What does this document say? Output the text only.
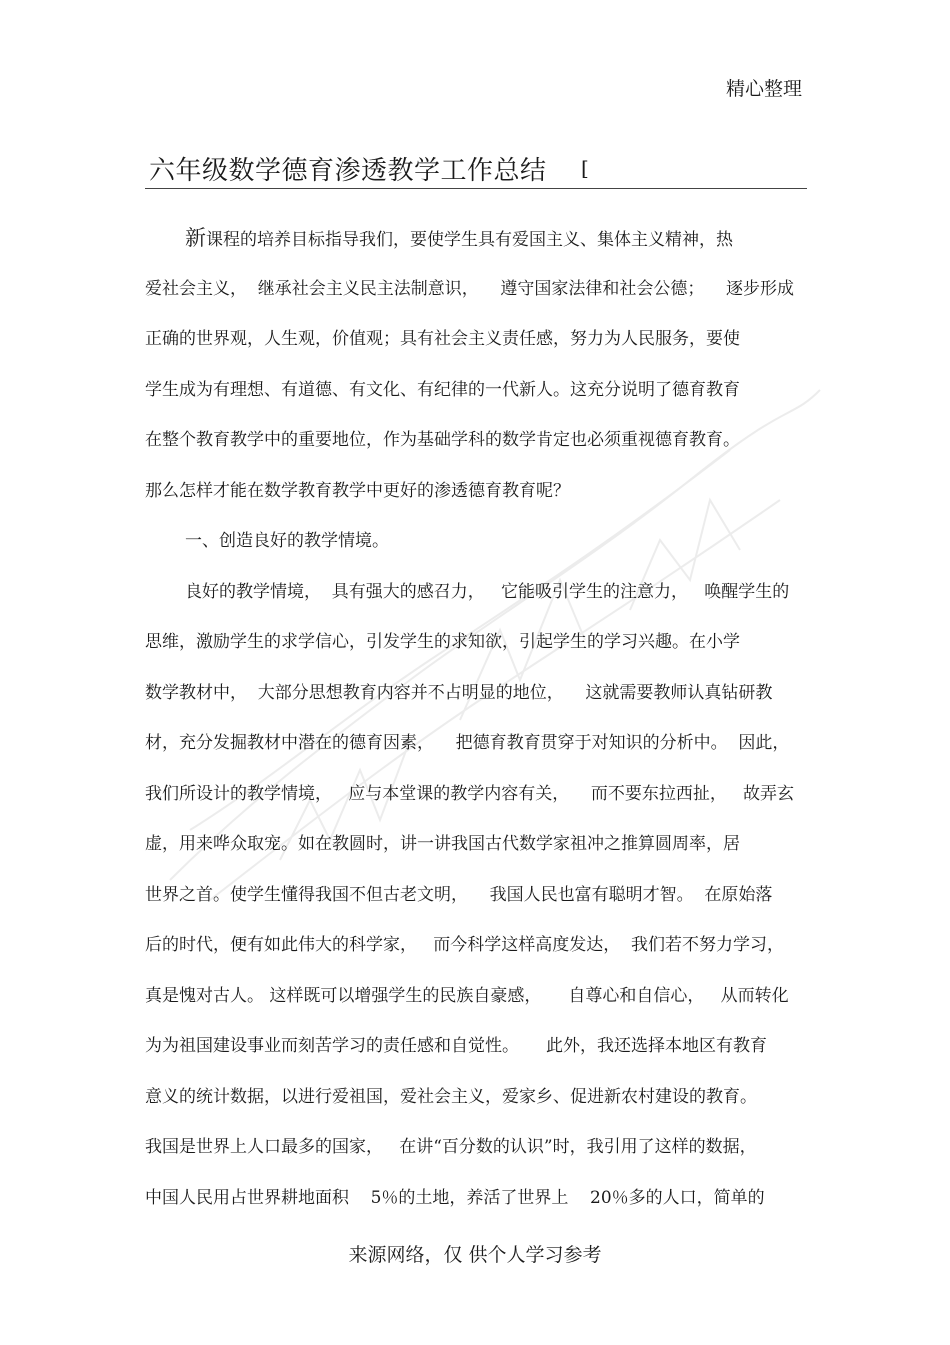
精心整理
六年级数学德育渗透教学工作总结 [
新课程的培养目标指导我们，要使学生具有爱国主义、集体主义精神，热
爱社会主义，  继承社会主义民主法制意识，    遵守国家法律和社会公德；    逐步形成
正确的世界观，人生观，价值观；具有社会主义责任感，努力为人民服务，要使
学生成为有理想、有道德、有文化、有纪律的一代新人。这充分说明了德育教育
在整个教育教学中的重要地位，作为基础学科的数学肯定也必须重视德育教育。
那么怎样才能在数学教育教学中更好的渗透德育教育呢？
一、创造良好的教学情境。
良好的教学情境，  具有强大的感召力，   它能吸引学生的注意力，   唤醒学生的
思维，激励学生的求学信心，引发学生的求知欲，引起学生的学习兴趣。在小学
数学教材中，  大部分思想教育内容并不占明显的地位，    这就需要教师认真钻研教
材，充分发掘教材中潜在的德育因素，    把德育教育贯穿于对知识的分析中。  因此，
我们所设计的教学情境，   应与本堂课的教学内容有关，    而不要东拉西扯，   故弄玄
虚，用来哗众取宠。如在教圆时，讲一讲我国古代数学家祖冲之推算圆周率，居
世界之首。使学生懂得我国不但古老文明，    我国人民也富有聪明才智。  在原始落
后的时代，便有如此伟大的科学家，   而今科学这样高度发达，  我们若不努力学习，
真是愧对古人。 这样既可以增强学生的民族自豪感，     自尊心和自信心，   从而转化
为为祖国建设事业而刻苦学习的责任感和自觉性。     此外，我还选择本地区有教育
意义的统计数据，以进行爱祖国，爱社会主义，爱家乡、促进新农村建设的教育。
我国是世界上人口最多的国家，   在讲“百分数的认识”时，我引用了这样的数据，
中国人民用占世界耕地面积    5％的土地，养活了世界上    20％多的人口，简单的
来源网络，仅 供个人学习参考
